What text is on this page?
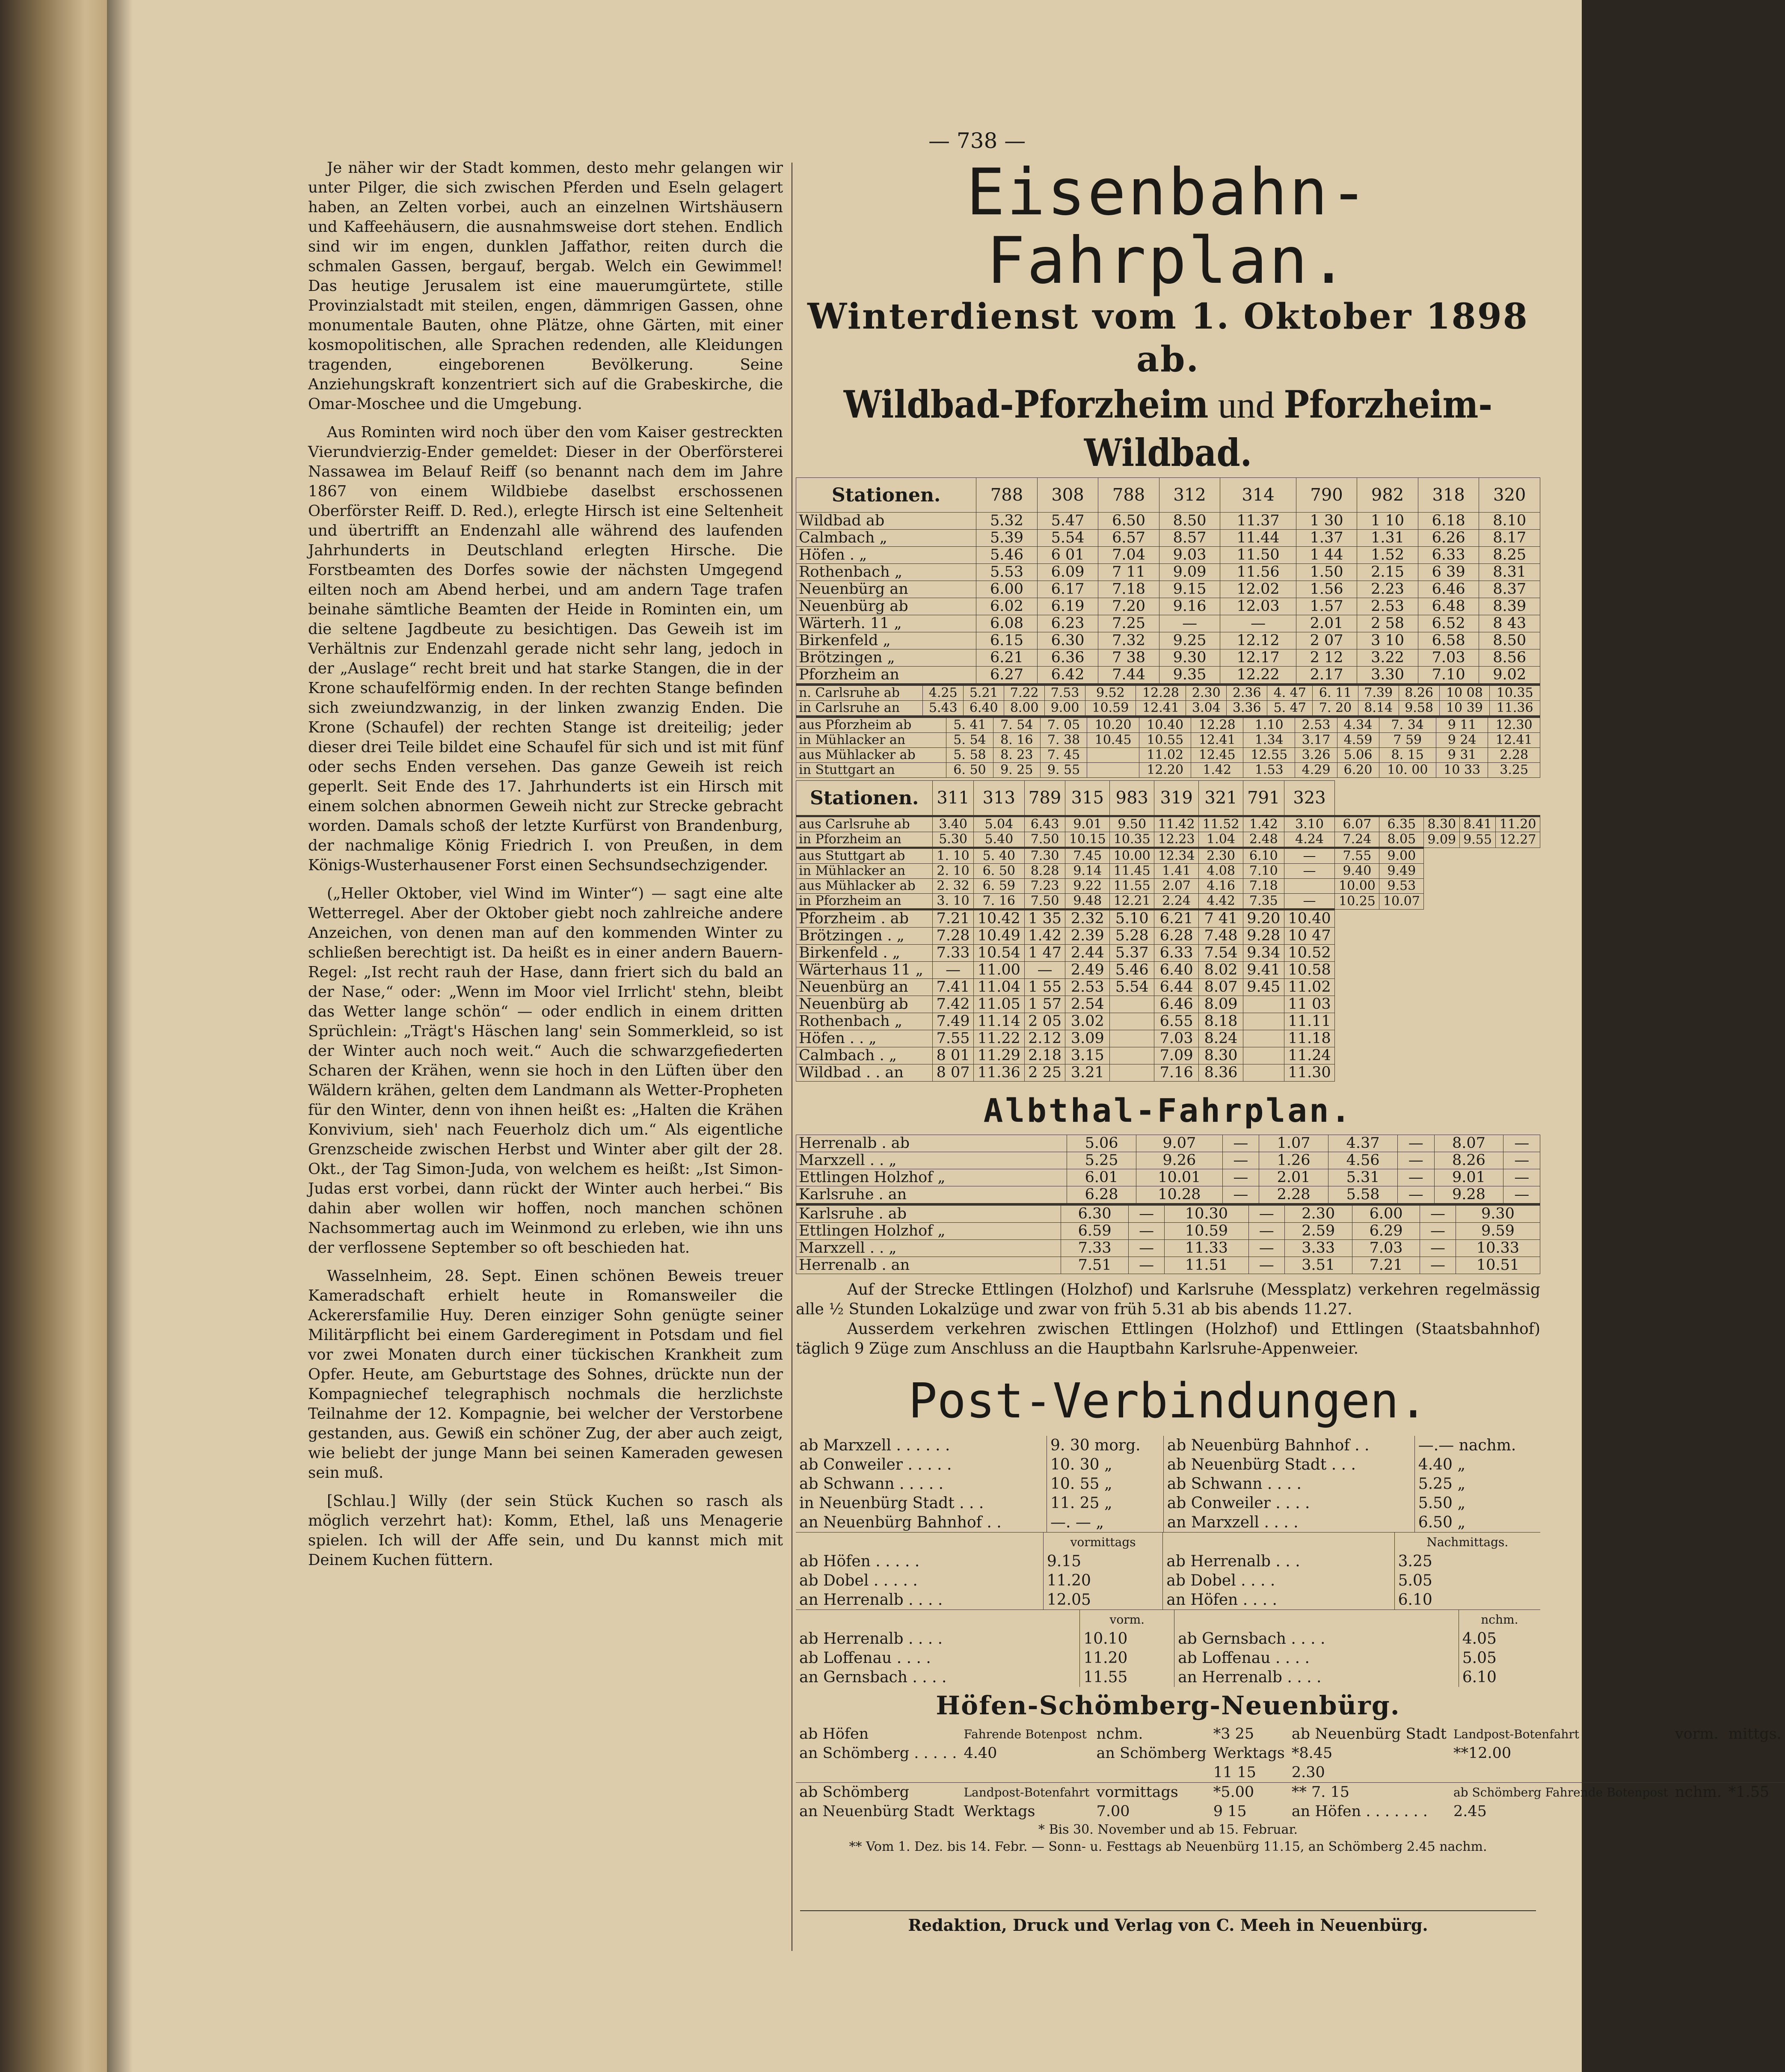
— 738 —

Je näher wir der Stadt kommen, desto mehr gelangen wir unter Pilger, die sich zwischen Pferden und Eseln gelagert haben, an Zelten vorbei, auch an einzelnen Wirtshäusern und Kaffeehäusern, die ausnahmsweise dort stehen. Endlich sind wir im engen, dunklen Jaffathor, reiten durch die schmalen Gassen, bergauf, bergab. Welch ein Gewimmel! Das heutige Jerusalem ist eine mauerumgürtete, stille Provinzialstadt mit steilen, engen, dämmrigen Gassen, ohne monumentale Bauten, ohne Plätze, ohne Gärten, mit einer kosmopolitischen, alle Sprachen redenden, alle Kleidungen tragenden, eingeborenen Bevölkerung. Seine Anziehungskraft konzentriert sich auf die Grabeskirche, die Omar-Moschee und die Umgebung.

Aus Rominten wird noch über den vom Kaiser gestreckten Vierundvierzig-Ender gemeldet: Dieser in der Oberförsterei Nassawea im Belauf Reiff (so benannt nach dem im Jahre 1867 von einem Wildbiebe daselbst erschossenen Oberförster Reiff. D. Red.), erlegte Hirsch ist eine Seltenheit und übertrifft an Endenzahl alle während des laufenden Jahrhunderts in Deutschland erlegten Hirsche. Die Forstbeamten des Dorfes sowie der nächsten Umgegend eilten noch am Abend herbei, und am andern Tage trafen beinahe sämtliche Beamten der Heide in Rominten ein, um die seltene Jagdbeute zu besichtigen. Das Geweih ist im Verhältnis zur Endenzahl gerade nicht sehr lang, jedoch in der „Auslage“ recht breit und hat starke Stangen, die in der Krone schaufelförmig enden. In der rechten Stange befinden sich zweiundzwanzig, in der linken zwanzig Enden. Die Krone (Schaufel) der rechten Stange ist dreiteilig; jeder dieser drei Teile bildet eine Schaufel für sich und ist mit fünf oder sechs Enden versehen. Das ganze Geweih ist reich geperlt. Seit Ende des 17. Jahrhunderts ist ein Hirsch mit einem solchen abnormen Geweih nicht zur Strecke gebracht worden. Damals schoß der letzte Kurfürst von Brandenburg, der nachmalige König Friedrich I. von Preußen, in dem Königs-Wusterhausener Forst einen Sechsundsechzigender.

(„Heller Oktober, viel Wind im Winter“) — sagt eine alte Wetterregel. Aber der Oktober giebt noch zahlreiche andere Anzeichen, von denen man auf den kommenden Winter zu schließen berechtigt ist. Da heißt es in einer andern Bauern-Regel: „Ist recht rauh der Hase, dann friert sich du bald an der Nase,“ oder: „Wenn im Moor viel Irrlicht' stehn, bleibt das Wetter lange schön“ — oder endlich in einem dritten Sprüchlein: „Trägt's Häschen lang' sein Sommerkleid, so ist der Winter auch noch weit.“ Auch die schwarzgefiederten Scharen der Krähen, wenn sie hoch in den Lüften über den Wäldern krähen, gelten dem Landmann als Wetter-Propheten für den Winter, denn von ihnen heißt es: „Halten die Krähen Konvivium, sieh' nach Feuerholz dich um.“ Als eigentliche Grenzscheide zwischen Herbst und Winter aber gilt der 28. Okt., der Tag Simon-Juda, von welchem es heißt: „Ist Simon-Judas erst vorbei, dann rückt der Winter auch herbei.“ Bis dahin aber wollen wir hoffen, noch manchen schönen Nachsommertag auch im Weinmond zu erleben, wie ihn uns der verflossene September so oft beschieden hat.

Wasselnheim, 28. Sept. Einen schönen Beweis treuer Kameradschaft erhielt heute in Romansweiler die Ackerersfamilie Huy. Deren einziger Sohn genügte seiner Militärpflicht bei einem Garderegiment in Potsdam und fiel vor zwei Monaten durch einer tückischen Krankheit zum Opfer. Heute, am Geburtstage des Sohnes, drückte nun der Kompagniechef telegraphisch nochmals die herzlichste Teilnahme der 12. Kompagnie, bei welcher der Verstorbene gestanden, aus. Gewiß ein schöner Zug, der aber auch zeigt, wie beliebt der junge Mann bei seinen Kameraden gewesen sein muß.

[Schlau.] Willy (der sein Stück Kuchen so rasch als möglich verzehrt hat): Komm, Ethel, laß uns Menagerie spielen. Ich will der Affe sein, und Du kannst mich mit Deinem Kuchen füttern.

Eisenbahn-Fahrplan.
Winterdienst vom 1. Oktober 1898 ab.
Wildbad-Pforzheim und Pforzheim-Wildbad.
Stationen.	788	308	788	312	314	790	982	318	320
Wildbad ab	5.32	5.47	6.50	8.50	11.37	1 30	1 10	6.18	8.10
Calmbach „	5.39	5.54	6.57	8.57	11.44	1.37	1.31	6.26	8.17
Höfen . „	5.46	6 01	7.04	9.03	11.50	1 44	1.52	6.33	8.25
Rothenbach „	5.53	6.09	7 11	9.09	11.56	1.50	2.15	6 39	8.31
Neuenbürg an	6.00	6.17	7.18	9.15	12.02	1.56	2.23	6.46	8.37
Neuenbürg ab	6.02	6.19	7.20	9.16	12.03	1.57	2.53	6.48	8.39
Wärterh. 11 „	6.08	6.23	7.25	—	—	2.01	2 58	6.52	8 43
Birkenfeld „	6.15	6.30	7.32	9.25	12.12	2 07	3 10	6.58	8.50
Brötzingen „	6.21	6.36	7 38	9.30	12.17	2 12	3.22	7.03	8.56
Pforzheim an	6.27	6.42	7.44	9.35	12.22	2.17	3.30	7.10	9.02
n. Carlsruhe ab	4.25	5.21	7.22	7.53	9.52	12.28	2.30	2.36	4. 47	6. 11	7.39	8.26	10 08	10.35
in Carlsruhe an	5.43	6.40	8.00	9.00	10.59	12.41	3.04	3.36	5. 47	7. 20	8.14	9.58	10 39	11.36
aus Pforzheim ab	5. 41	7. 54	7. 05	10.20	10.40	12.28	1.10	2.53	4.34	7. 34	9 11	12.30
in Mühlacker an	5. 54	8. 16	7. 38	10.45	10.55	12.41	1.34	3.17	4.59	7 59	9 24	12.41
aus Mühlacker ab	5. 58	8. 23	7. 45		11.02	12.45	12.55	3.26	5.06	8. 15	9 31	2.28
in Stuttgart an	6. 50	9. 25	9. 55		12.20	1.42	1.53	4.29	6.20	10. 00	10 33	3.25
Stationen.	311	313	789	315	983	319	321	791	323					
aus Carlsruhe ab	3.40	5.04	6.43	9.01	9.50	11.42	11.52	1.42	3.10	6.07	6.35	8.30	8.41	11.20
in Pforzheim an	5.30	5.40	7.50	10.15	10.35	12.23	1.04	2.48	4.24	7.24	8.05	9.09	9.55	12.27
aus Stuttgart ab	1. 10	5. 40	7.30	7.45	10.00	12.34	2.30	6.10	—	7.55	9.00			
in Mühlacker an	2. 10	6. 50	8.28	9.14	11.45	1.41	4.08	7.10	—	9.40	9.49			
aus Mühlacker ab	2. 32	6. 59	7.23	9.22	11.55	2.07	4.16	7.18		10.00	9.53			
in Pforzheim an	3. 10	7. 16	7.50	9.48	12.21	2.24	4.42	7.35	—	10.25	10.07			
Pforzheim . ab	7.21	10.42	1 35	2.32	5.10	6.21	7 41	9.20	10.40					
Brötzingen . „	7.28	10.49	1.42	2.39	5.28	6.28	7.48	9.28	10 47					
Birkenfeld . „	7.33	10.54	1 47	2.44	5.37	6.33	7.54	9.34	10.52					
Wärterhaus 11 „	—	11.00	—	2.49	5.46	6.40	8.02	9.41	10.58					
Neuenbürg an	7.41	11.04	1 55	2.53	5.54	6.44	8.07	9.45	11.02					
Neuenbürg ab	7.42	11.05	1 57	2.54		6.46	8.09		11 03					
Rothenbach „	7.49	11.14	2 05	3.02		6.55	8.18		11.11					
Höfen . . „	7.55	11.22	2.12	3.09		7.03	8.24		11.18					
Calmbach . „	8 01	11.29	2.18	3.15		7.09	8.30		11.24					
Wildbad . . an	8 07	11.36	2 25	3.21		7.16	8.36		11.30					
Albthal-Fahrplan.
Herrenalb . ab	5.06	9.07	—	1.07	4.37	—	8.07	—
Marxzell . . „	5.25	9.26	—	1.26	4.56	—	8.26	—
Ettlingen Holzhof „	6.01	10.01	—	2.01	5.31	—	9.01	—
Karlsruhe . an	6.28	10.28	—	2.28	5.58	—	9.28	—
Karlsruhe . ab	6.30	—	10.30	—	2.30	6.00	—	9.30
Ettlingen Holzhof „	6.59	—	10.59	—	2.59	6.29	—	9.59
Marxzell . . „	7.33	—	11.33	—	3.33	7.03	—	10.33
Herrenalb . an	7.51	—	11.51	—	3.51	7.21	—	10.51

Auf der Strecke Ettlingen (Holzhof) und Karlsruhe (Messplatz) verkehren regelmässig alle ½ Stunden Lokalzüge und zwar von früh 5.31 ab bis abends 11.27.

Ausserdem verkehren zwischen Ettlingen (Holzhof) und Ettlingen (Staatsbahnhof) täglich 9 Züge zum Anschluss an die Hauptbahn Karlsruhe-Appenweier.

Post-Verbindungen.
ab Marxzell . . . . . .	9. 30 morg.	ab Neuenbürg Bahnhof . .	—.— nachm.
ab Conweiler . . . . .	10. 30 „	ab Neuenbürg Stadt . . .	4.40 „
ab Schwann . . . . .	10. 55 „	ab Schwann . . . .	5.25 „
in Neuenbürg Stadt . . .	11. 25 „	ab Conweiler . . . .	5.50 „
an Neuenbürg Bahnhof . .	—. — „	an Marxzell . . . .	6.50 „
	vormittags		Nachmittags.
ab Höfen . . . . .	9.15	ab Herrenalb . . .	3.25
ab Dobel . . . . .	11.20	ab Dobel . . . .	5.05
an Herrenalb . . . .	12.05	an Höfen . . . .	6.10
	vorm.		nchm.
ab Herrenalb . . . .	10.10	ab Gernsbach . . . .	4.05
ab Loffenau . . . .	11.20	ab Loffenau . . . .	5.05
an Gernsbach . . . .	11.55	an Herrenalb . . . .	6.10
Höfen-Schömberg-Neuenbürg.
ab Höfen	Fahrende Botenpost	nchm.	*3 25	ab Neuenbürg Stadt	Landpost-Botenfahrt	vorm.	mittgs.
an Schömberg . . . . .	4.40	an Schömberg	Werktags	*8.45	**12.00		
			11 15	2.30			
ab Schömberg	Landpost-Botenfahrt	vormittags	*5.00	** 7. 15	ab Schömberg Fahrende Botenpost	nchm.	*1.55
an Neuenbürg Stadt	Werktags	7.00	9 15	an Höfen . . . . . . .	2.45		
* Bis 30. November und ab 15. Februar.
** Vom 1. Dez. bis 14. Febr. — Sonn- u. Festtags ab Neuenbürg 11.15, an Schömberg 2.45 nachm.
Redaktion, Druck und Verlag von C. Meeh in Neuenbürg.
